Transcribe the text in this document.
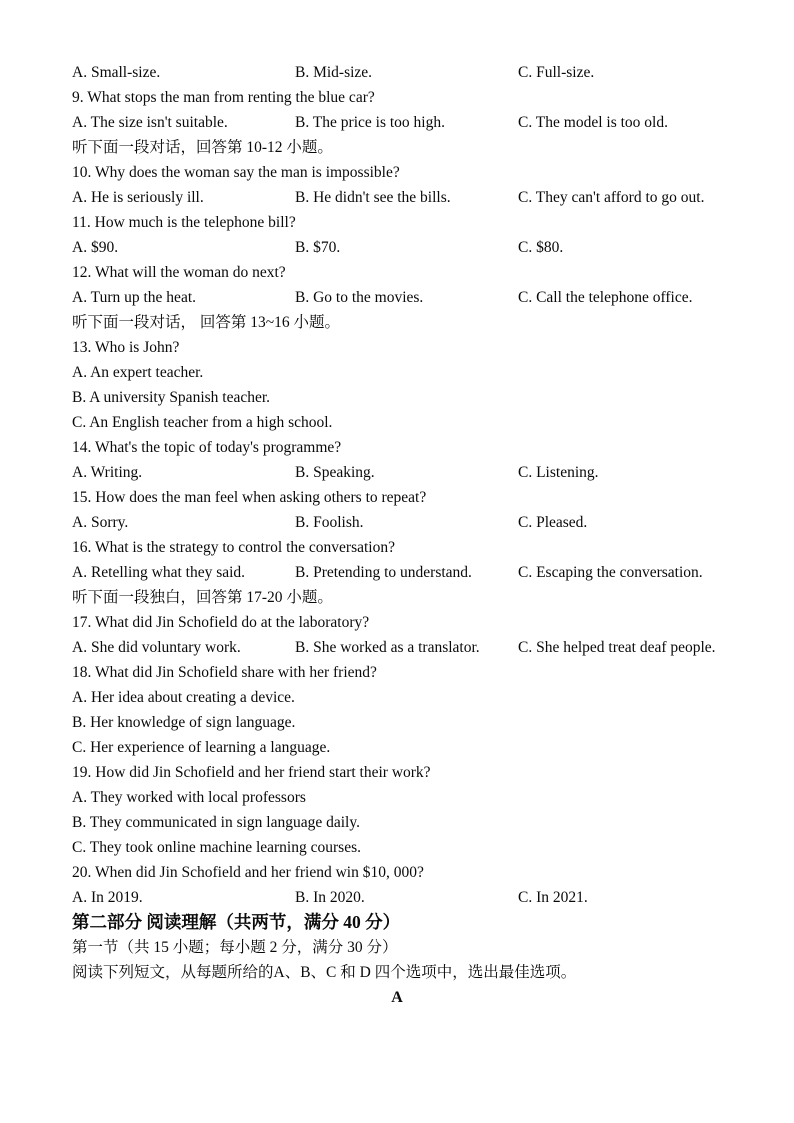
A. Small-size.	B. Mid-size.	C. Full-size.
9. What stops the man from renting the blue car?
A. The size isn't suitable.	B. The price is too high.	C. The model is too old.
听下面一段对话，回答第 10-12 小题。
10. Why does the woman say the man is impossible?
A. He is seriously ill.	B. He didn't see the bills.	C. They can't afford to go out.
11. How much is the telephone bill?
A. $90.	B. $70.	C. $80.
12. What will the woman do next?
A. Turn up the heat.	B. Go to the movies.	C. Call the telephone office.
听下面一段对话， 回答第 13~16 小题。
13. Who is John?
A. An expert teacher.
B. A university Spanish teacher.
C. An English teacher from a high school.
14. What's the topic of today's programme?
A. Writing.	B. Speaking.	C. Listening.
15. How does the man feel when asking others to repeat?
A. Sorry.	B. Foolish.	C. Pleased.
16. What is the strategy to control the conversation?
A. Retelling what they said.	B. Pretending to understand.	C. Escaping the conversation.
听下面一段独白，回答第 17-20 小题。
17. What did Jin Schofield do at the laboratory?
A. She did voluntary work.	B. She worked as a translator. C. She helped treat deaf people.
18. What did Jin Schofield share with her friend?
A. Her idea about creating a device.
B. Her knowledge of sign language.
C. Her experience of learning a language.
19. How did Jin Schofield and her friend start their work?
A. They worked with local professors
B. They communicated in sign language daily.
C. They took online machine learning courses.
20. When did Jin Schofield and her friend win $10, 000?
A. In 2019.	B. In 2020.	C. In 2021.
第二部分 阅读理解（共两节，满分 40 分）
第一节（共 15 小题；每小题 2 分，满分 30 分）
阅读下列短文，从每题所给的A、B、C 和 D 四个选项中，选出最佳选项。
A
